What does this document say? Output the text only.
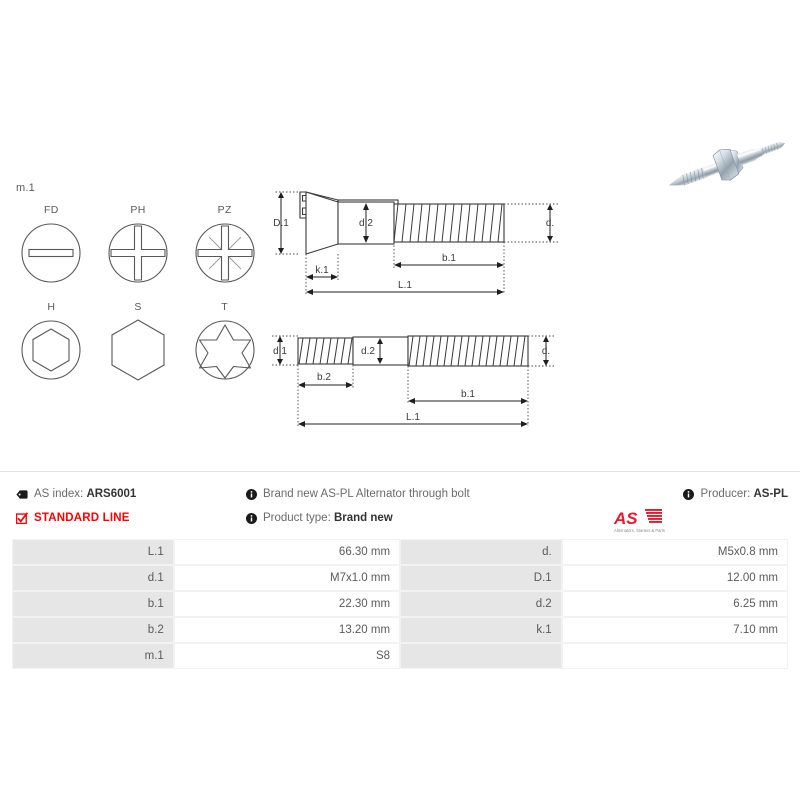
m.1
FD	PH	PZ
H	S	T
D.1	d.2	d.
b.1
k.1
L.1
d.1	d.2	d.
b.2
b.1
L.1
AS index:
ARS6001
STANDARD LINE
Brand new AS-PL Alternator through bolt
Product type:
Brand new
Producer:
AS-PL
AS
Alternators, Starters & Parts
L.1	66.30 mm	d.	M5x0.8 mm
d.1	M7x1.0 mm	D.1	12.00 mm
b.1	22.30 mm	d.2	6.25 mm
b.2	13.20 mm	k.1	7.10 mm
m.1	S8		
